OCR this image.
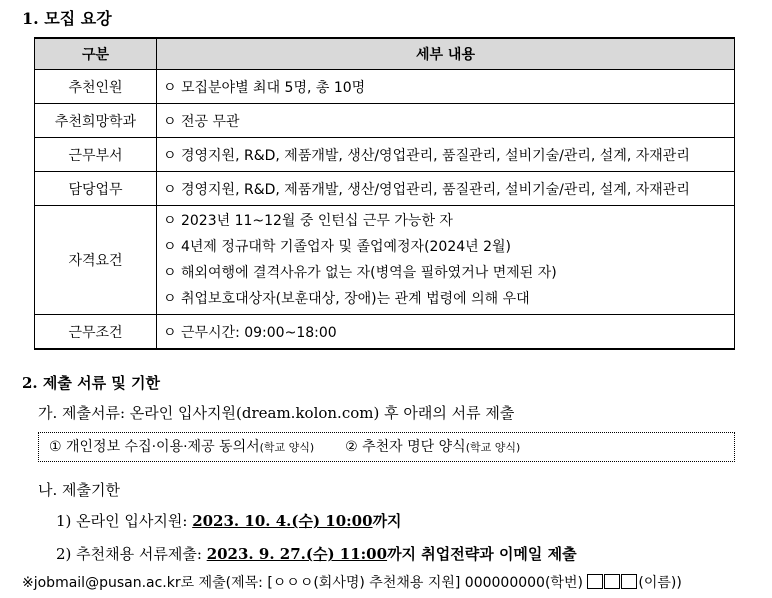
1. 모집 요강
구분	세부 내용
추천인원	ㅇ 모집분야별 최대 5명, 총 10명
추천희망학과	ㅇ 전공 무관
근무부서	ㅇ 경영지원, R&D, 제품개발, 생산/영업관리, 품질관리, 설비기술/관리, 설계, 자재관리
담당업무	ㅇ 경영지원, R&D, 제품개발, 생산/영업관리, 품질관리, 설비기술/관리, 설계, 자재관리
자격요건	ㅇ 2023년 11~12월 중 인턴십 근무 가능한 자
ㅇ 4년제 정규대학 기졸업자 및 졸업예정자(2024년 2월)
ㅇ 해외여행에 결격사유가 없는 자(병역을 필하였거나 면제된 자)
ㅇ 취업보호대상자(보훈대상, 장애)는 관계 법령에 의해 우대

근무조건	ㅇ 근무시간: 09:00~18:00
2. 제출 서류 및 기한
가. 제출서류: 온라인 입사지원(dream.kolon.com) 후 아래의 서류 제출
① 개인정보 수집·이용·제공 동의서(학교 양식) ② 추천자 명단 양식(학교 양식)
나. 제출기한
1) 온라인 입사지원: 2023. 10. 4.(수) 10:00까지
2) 추천채용 서류제출: 2023. 9. 27.(수) 11:00까지 취업전략과 이메일 제출
※jobmail@pusan.ac.kr로 제출(제목: [ㅇㅇㅇ(회사명) 추천채용 지원] 000000000(학번)	(이름))
